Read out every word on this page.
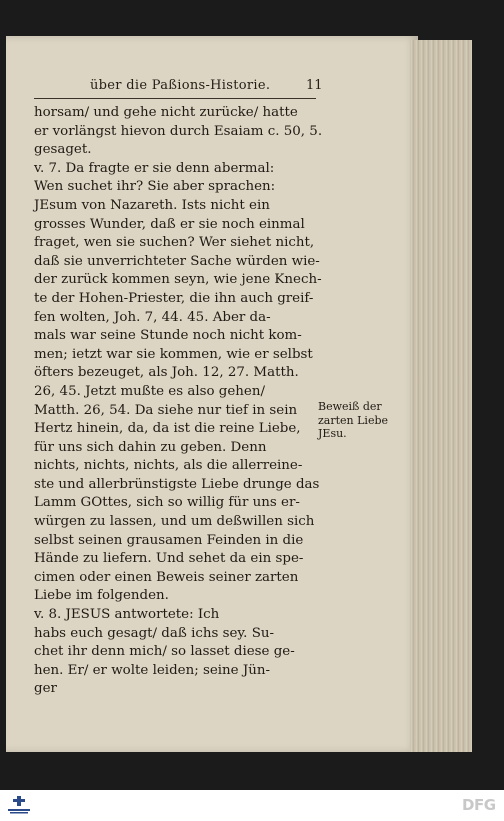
über die Paßions-Historie.	11
horsam/ und gehe nicht zurücke/ hatte
er vorlängst hievon durch Esaiam c. 50, 5.
gesaget.
v. 7. Da fragte er sie denn abermal:
Wen suchet ihr? Sie aber sprachen:
JEsum von Nazareth. Ists nicht ein
grosses Wunder, daß er sie noch einmal
fraget, wen sie suchen? Wer siehet nicht,
daß sie unverrichteter Sache würden wie-
der zurück kommen seyn, wie jene Knech-
te der Hohen-Priester, die ihn auch greif-
fen wolten, Joh. 7, 44. 45. Aber da-
mals war seine Stunde noch nicht kom-
men; ietzt war sie kommen, wie er selbst
öfters bezeuget, als Joh. 12, 27. Matth.
26, 45. Jetzt mußte es also gehen/
Matth. 26, 54. Da siehe nur tief in sein
Hertz hinein, da, da ist die reine Liebe,
für uns sich dahin zu geben. Denn
nichts, nichts, nichts, als die allerreine-
ste und allerbrünstigste Liebe drunge das
Lamm GOttes, sich so willig für uns er-
würgen zu lassen, und um deßwillen sich
selbst seinen grausamen Feinden in die
Hände zu liefern. Und sehet da ein spe-
cimen oder einen Beweis seiner zarten
Liebe im folgenden.
v. 8. JESUS antwortete: Ich
habs euch gesagt/ daß ichs sey. Su-
chet ihr denn mich/ so lasset diese ge-
hen. Er/ er wolte leiden; seine Jün-
ger
Beweiß der
zarten Liebe
JEsu.
DFG
